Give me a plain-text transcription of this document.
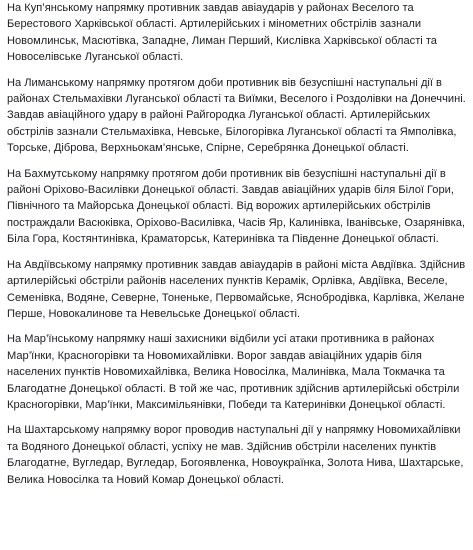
На Куп’янському напрямку противник завдав авіаударів у районах Веселого та Берестового Харківської області. Артилерійських і мінометних обстрілів зазнали Новомлинськ, Масютівка, Западне, Лиман Перший, Кислівка Харківської області та Новоселівське Луганської області.

На Лиманському напрямку протягом доби противник вів безуспішні наступальні дії в районах Стельмахівки Луганської області та Виїмки, Веселого і Роздолівки на Донеччині. Завдав авіаційного удару в районі Райгородка Луганської області. Артилерійських обстрілів зазнали Стельмахівка, Невське, Білогорівка Луганської області та Ямполівка, Торське, Діброва, Верхньокам’янське, Спірне, Серебрянка Донецької області.

На Бахмутському напрямку протягом доби противник вів безуспішні наступальні дії в районі Оріхово-Василівки Донецької області. Завдав авіаційних ударів біля Білої Гори, Північного та Майорська Донецької області. Від ворожих артилерійських обстрілів постраждали Васюківка, Оріхово-Василівка, Часів Яр, Калинівка, Іванівське, Озарянівка, Біла Гора, Костянтинівка, Краматорськ, Катеринівка та Південне Донецької області.

На Авдіївському напрямку противник завдав авіаударів в районі міста Авдіївка. Здійснив артилерійські обстріли районів населених пунктів Керамік, Орлівка, Авдіївка, Веселе, Семенівка, Водяне, Северне, Тоненьке, Первомайське, Яснобродівка, Карлівка, Желане Перше, Новокалинове та Невельське Донецької області.

На Мар’їнському напрямку наші захисники відбили усі атаки противника в районах Мар’їнки, Красногорівки та Новомихайлівки. Ворог завдав авіаційних ударів біля населених пунктів Новомихайлівка, Велика Новосілка, Малинівка, Мала Токмачка та Благодатне Донецької області. В той же час, противник здійснив артилерійські обстріли Красногорівки, Мар’їнки, Максимільянівки, Победи та Катеринівки Донецької області.

На Шахтарському напрямку ворог проводив наступальні дії у напрямку Новомихайлівки та Водяного Донецької області, успіху не мав. Здійснив обстріли населених пунктів Благодатне, Вугледар, Вугледар, Богоявленка, Новоукраїнка, Золота Нива, Шахтарське, Велика Новосілка та Новий Комар Донецької області.
